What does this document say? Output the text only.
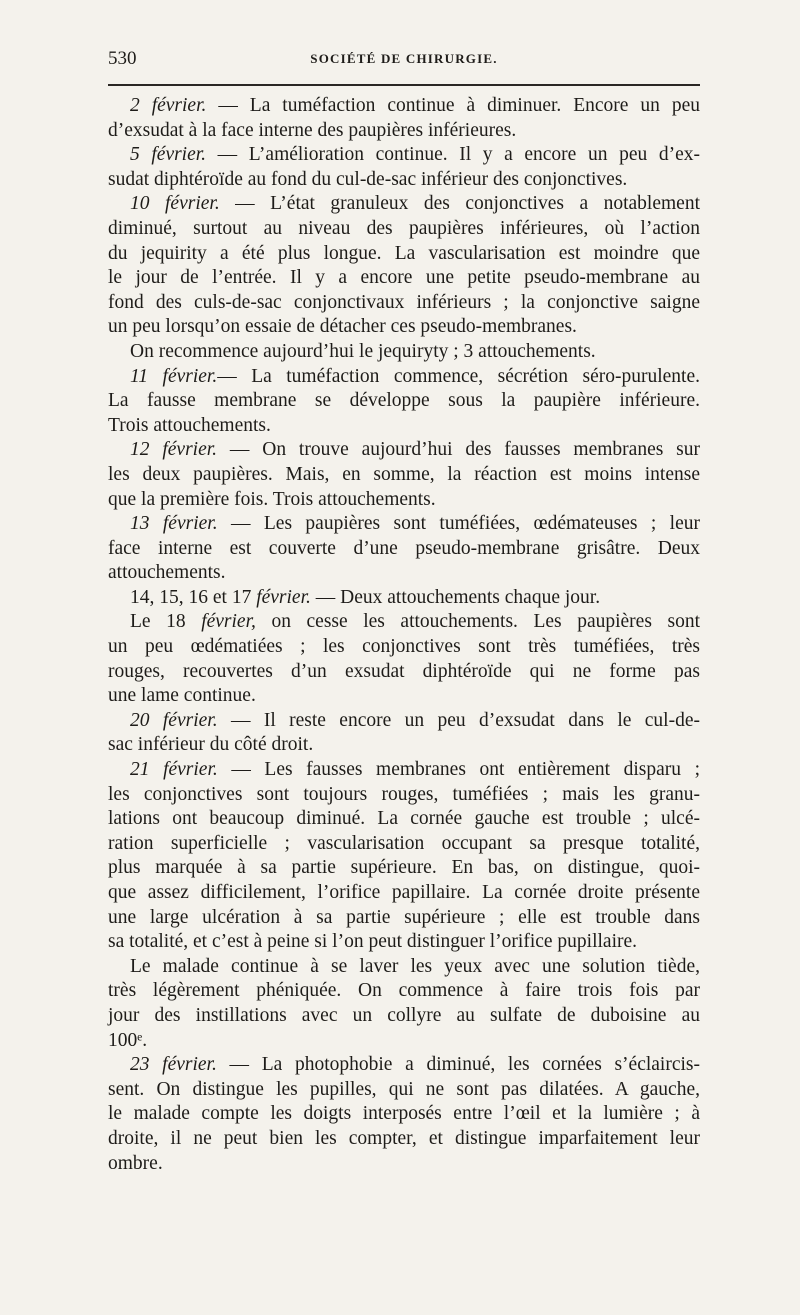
530	SOCIÉTÉ DE CHIRURGIE.
2 février. — La tuméfaction continue à diminuer. Encore un peu
d’exsudat à la face interne des paupières inférieures.
5 février. — L’amélioration continue. Il y a encore un peu d’ex-
sudat diphtéroïde au fond du cul-de-sac inférieur des conjonctives.
10 février. — L’état granuleux des conjonctives a notablement
diminué, surtout au niveau des paupières inférieures, où l’action
du jequirity a été plus longue. La vascularisation est moindre que
le jour de l’entrée. Il y a encore une petite pseudo-membrane au
fond des culs-de-sac conjonctivaux inférieurs ; la conjonctive saigne
un peu lorsqu’on essaie de détacher ces pseudo-membranes.
On recommence aujourd’hui le jequiryty ; 3 attouchements.
11 février.— La tuméfaction commence, sécrétion séro-purulente.
La fausse membrane se développe sous la paupière inférieure.
Trois attouchements.
12 février. — On trouve aujourd’hui des fausses membranes sur
les deux paupières. Mais, en somme, la réaction est moins intense
que la première fois. Trois attouchements.
13 février. — Les paupières sont tuméfiées, œdémateuses ; leur
face interne est couverte d’une pseudo-membrane grisâtre. Deux
attouchements.
14, 15, 16 et 17 février. — Deux attouchements chaque jour.
Le 18 février, on cesse les attouchements. Les paupières sont
un peu œdématiées ; les conjonctives sont très tuméfiées, très
rouges, recouvertes d’un exsudat diphtéroïde qui ne forme pas
une lame continue.
20 février. — Il reste encore un peu d’exsudat dans le cul-de-
sac inférieur du côté droit.
21 février. — Les fausses membranes ont entièrement disparu ;
les conjonctives sont toujours rouges, tuméfiées ; mais les granu-
lations ont beaucoup diminué. La cornée gauche est trouble ; ulcé-
ration superficielle ; vascularisation occupant sa presque totalité,
plus marquée à sa partie supérieure. En bas, on distingue, quoi-
que assez difficilement, l’orifice papillaire. La cornée droite présente
une large ulcération à sa partie supérieure ; elle est trouble dans
sa totalité, et c’est à peine si l’on peut distinguer l’orifice pupillaire.
Le malade continue à se laver les yeux avec une solution tiède,
très légèrement phéniquée. On commence à faire trois fois par
jour des instillations avec un collyre au sulfate de duboisine au
100ᵉ.
23 février. — La photophobie a diminué, les cornées s’éclaircis-
sent. On distingue les pupilles, qui ne sont pas dilatées. A gauche,
le malade compte les doigts interposés entre l’œil et la lumière ; à
droite, il ne peut bien les compter, et distingue imparfaitement leur
ombre.
